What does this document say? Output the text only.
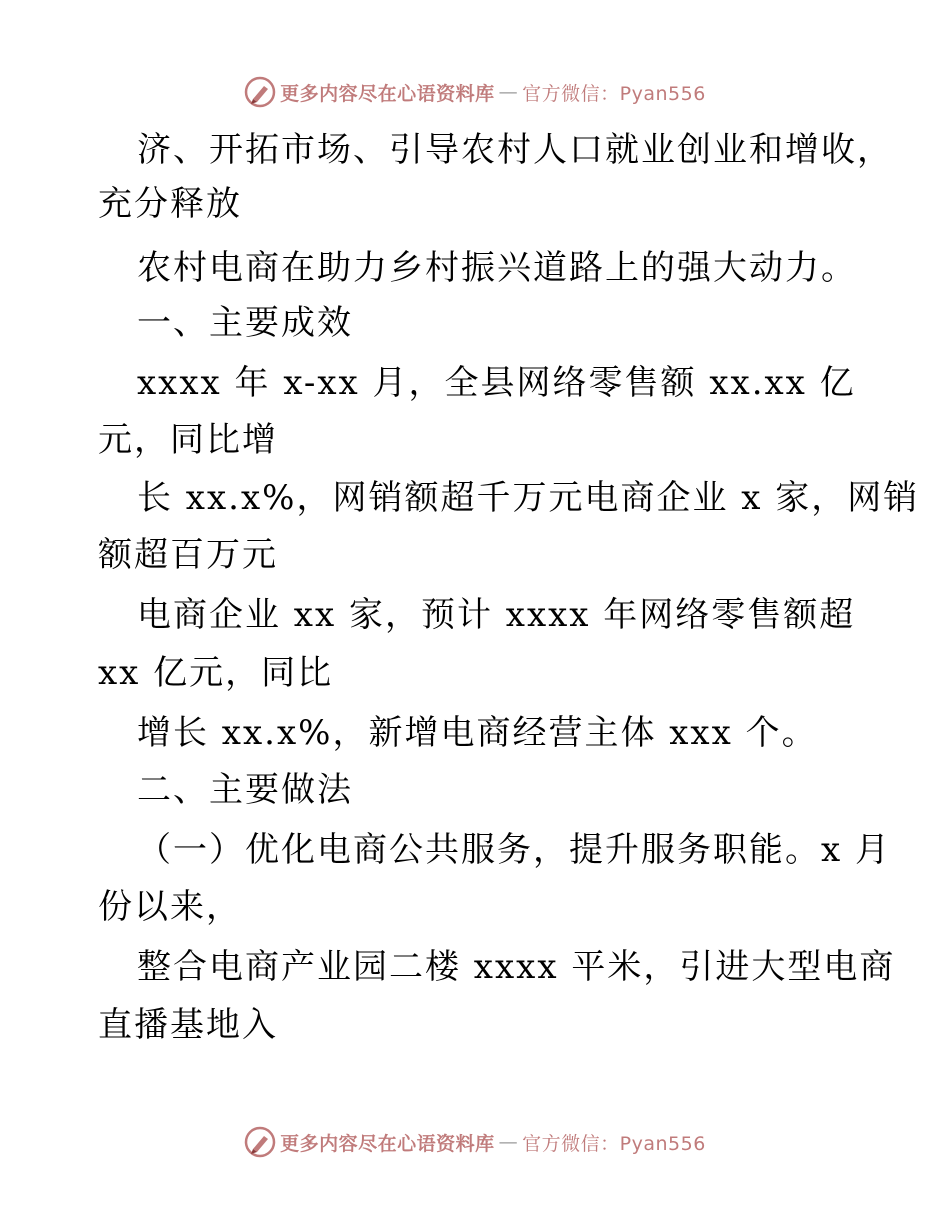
更多内容尽在心语资料库 — 官方微信：Pyan556
济、开拓市场、引导农村人口就业创业和增收，
充分释放
农村电商在助力乡村振兴道路上的强大动力。
一、主要成效
xxxx 年 x-xx 月，全县网络零售额 xx.xx 亿
元，同比增
长 xx.x%，网销额超千万元电商企业 x 家，网销
额超百万元
电商企业 xx 家，预计 xxxx 年网络零售额超
xx 亿元，同比
增长 xx.x%，新增电商经营主体 xxx 个。
二、主要做法
（一）优化电商公共服务，提升服务职能。x 月
份以来，
整合电商产业园二楼 xxxx 平米，引进大型电商
直播基地入
更多内容尽在心语资料库 — 官方微信：Pyan556
